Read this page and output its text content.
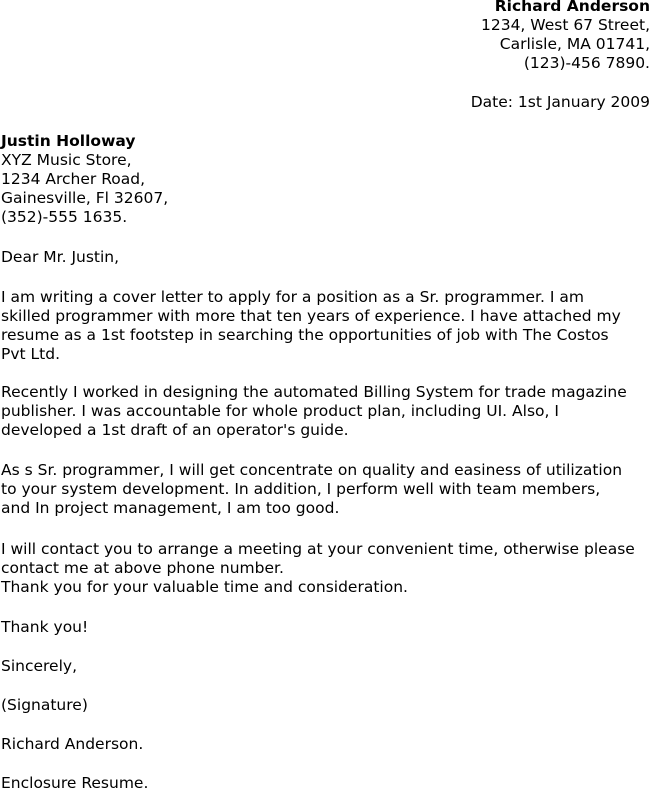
Richard Anderson
1234, West 67 Street,
Carlisle, MA 01741,
(123)-456 7890.
Date: 1st January 2009
Justin Holloway
XYZ Music Store,
1234 Archer Road,
Gainesville, Fl 32607,
(352)-555 1635.
Dear Mr. Justin,
I am writing a cover letter to apply for a position as a Sr. programmer. I am
skilled programmer with more that ten years of experience. I have attached my
resume as a 1st footstep in searching the opportunities of job with The Costos
Pvt Ltd.
Recently I worked in designing the automated Billing System for trade magazine
publisher. I was accountable for whole product plan, including UI. Also, I
developed a 1st draft of an operator's guide.
As s Sr. programmer, I will get concentrate on quality and easiness of utilization
to your system development. In addition, I perform well with team members,
and In project management, I am too good.
I will contact you to arrange a meeting at your convenient time, otherwise please
contact me at above phone number.
Thank you for your valuable time and consideration.
Thank you!
Sincerely,
(Signature)
Richard Anderson.
Enclosure Resume.
